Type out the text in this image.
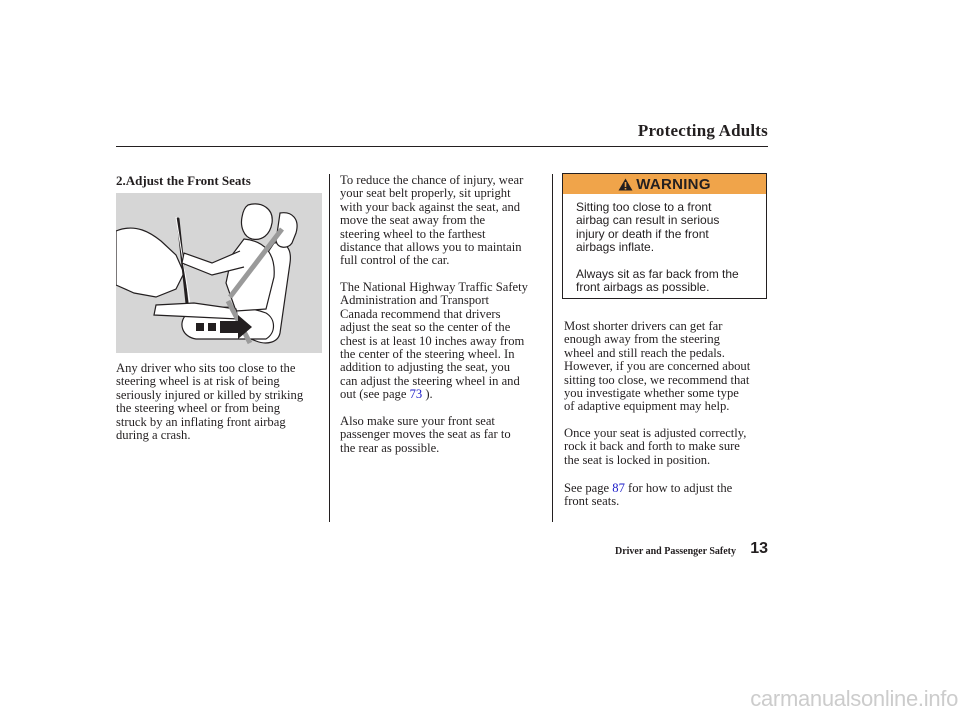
Protecting Adults
2.Adjust the Front Seats
Any driver who sits too close to the
steering wheel is at risk of being
seriously injured or killed by striking
the steering wheel or from being
struck by an inflating front airbag
during a crash.
To reduce the chance of injury, wear
your seat belt properly, sit upright
with your back against the seat, and
move the seat away from the
steering wheel to the farthest
distance that allows you to maintain
full control of the car.
The National Highway Traffic Safety
Administration and Transport
Canada recommend that drivers
adjust the seat so the center of the
chest is at least 10 inches away from
the center of the steering wheel. In
addition to adjusting the seat, you
can adjust the steering wheel in and
out (see page 73 ).
Also make sure your front seat
passenger moves the seat as far to
the rear as possible.
WARNING
Sitting too close to a front
airbag can result in serious
injury or death if the front
airbags inflate.
Always sit as far back from the
front airbags as possible.
Most shorter drivers can get far
enough away from the steering
wheel and still reach the pedals.
However, if you are concerned about
sitting too close, we recommend that
you investigate whether some type
of adaptive equipment may help.
Once your seat is adjusted correctly,
rock it back and forth to make sure
the seat is locked in position.
See page 87 for how to adjust the
front seats.
Driver and Passenger Safety 13
carmanualsonline.info
